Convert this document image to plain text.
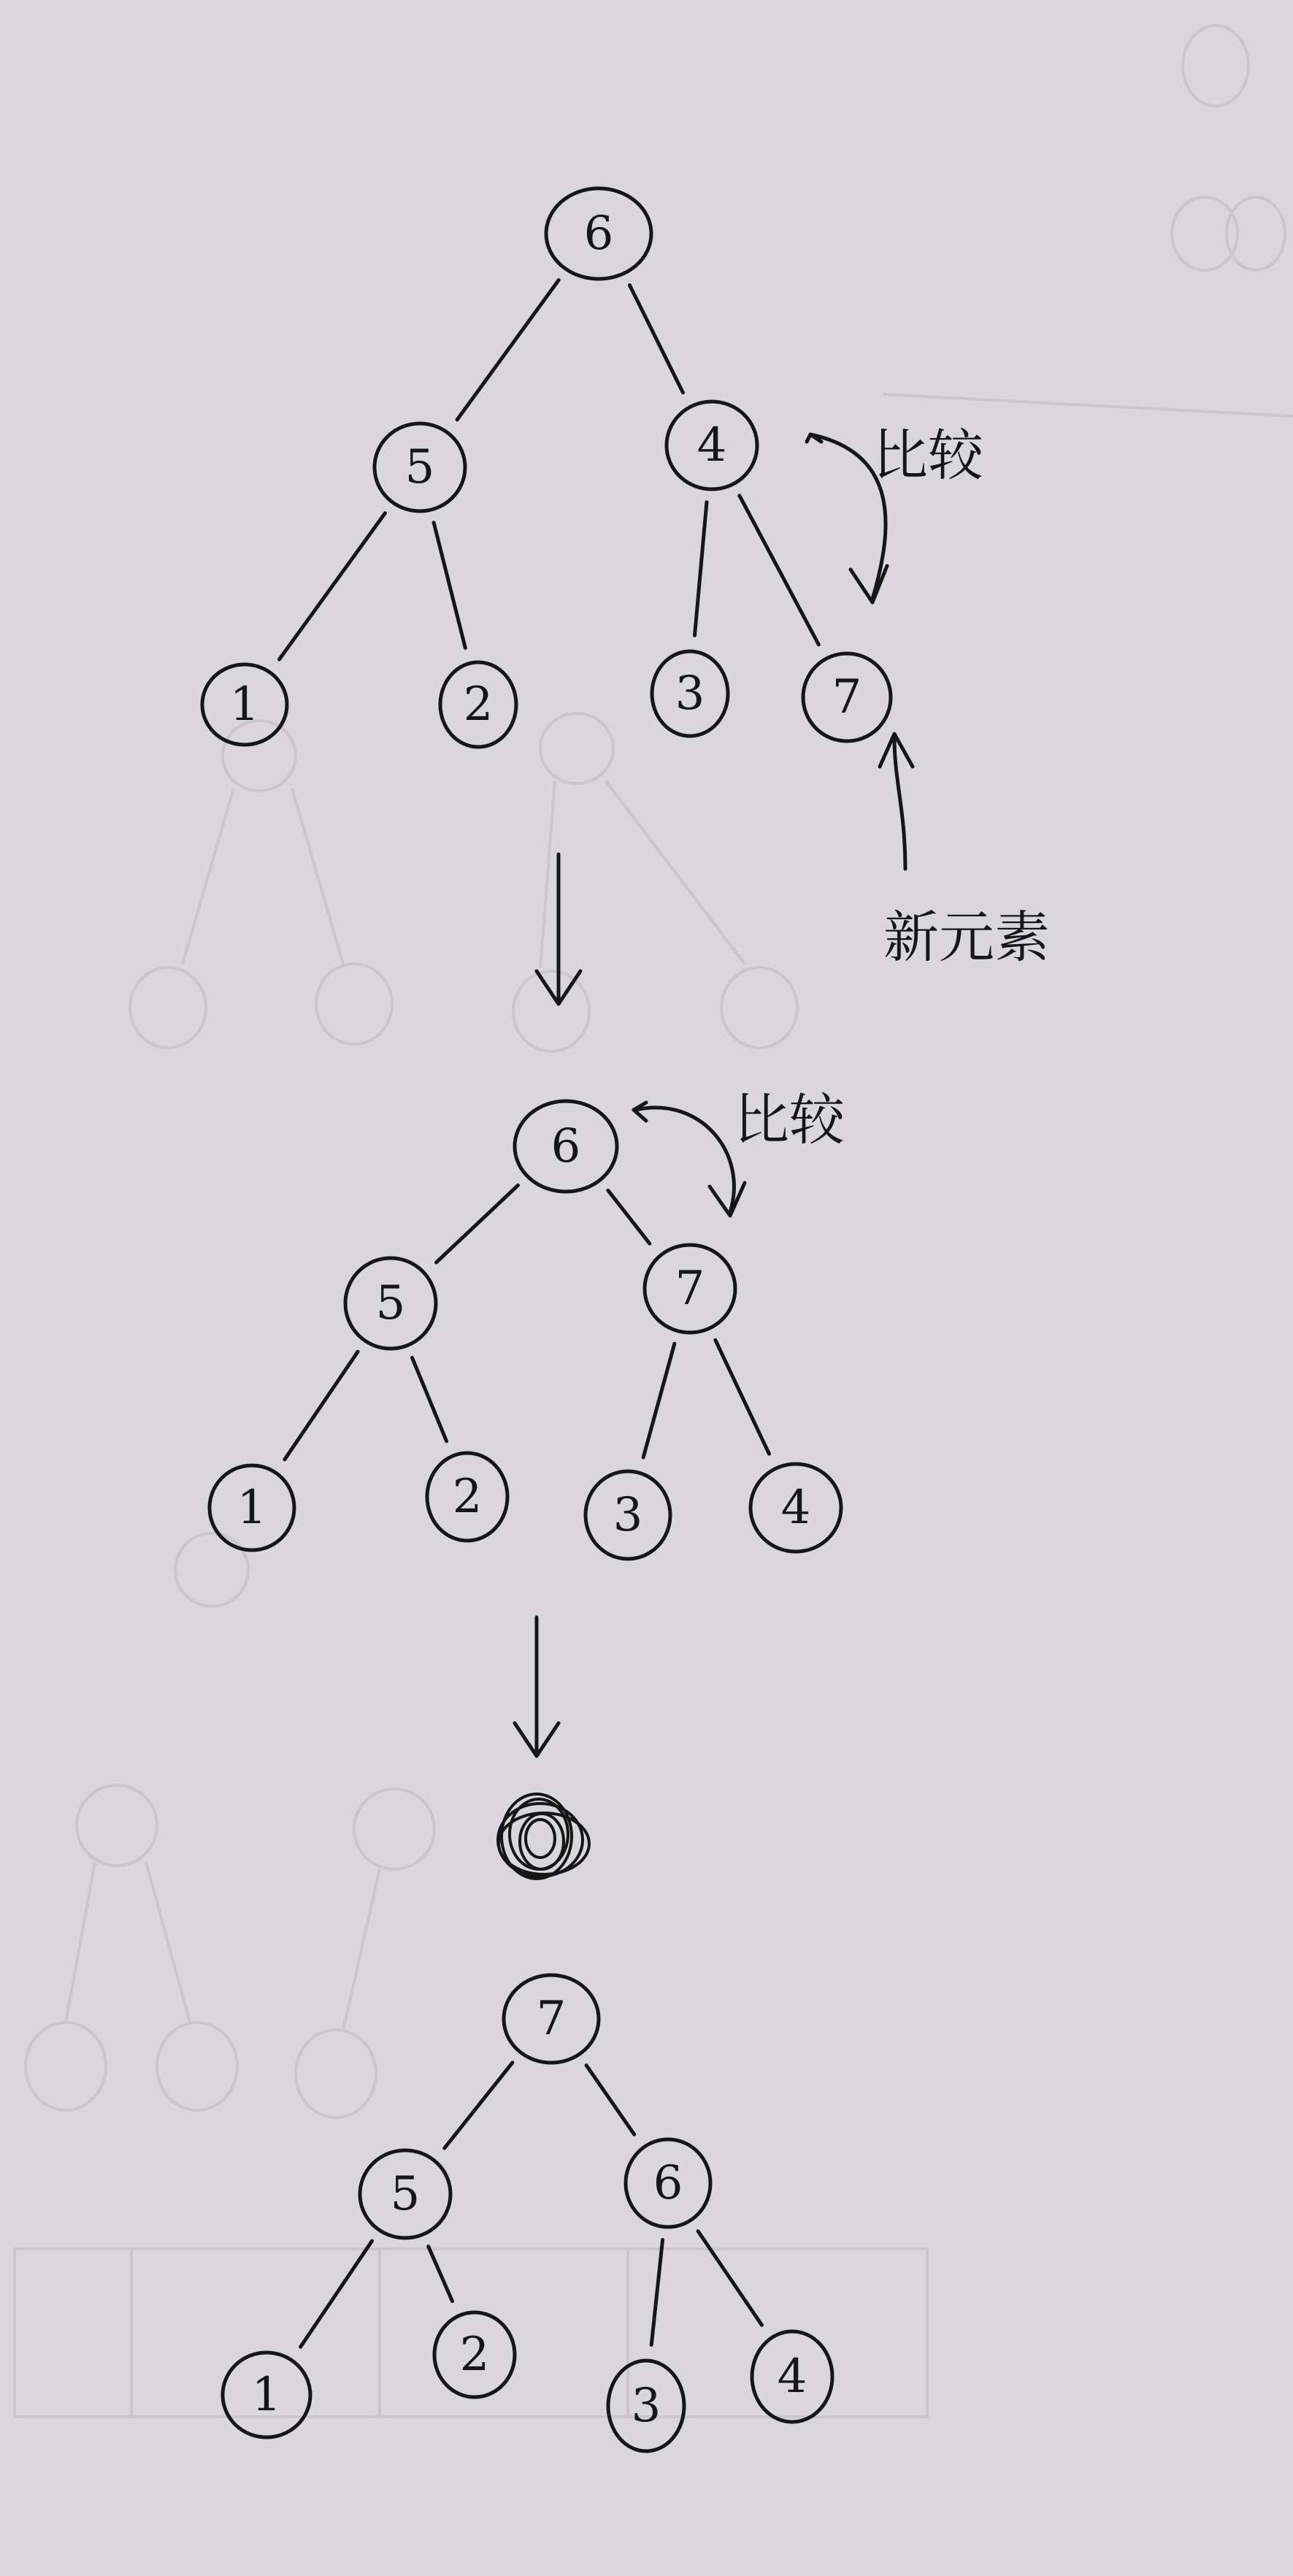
6
5	4
1	2	3	7
6
5	7
1	2	3	4
7
5	6
1
2
3
4
比较
新元素
比较
